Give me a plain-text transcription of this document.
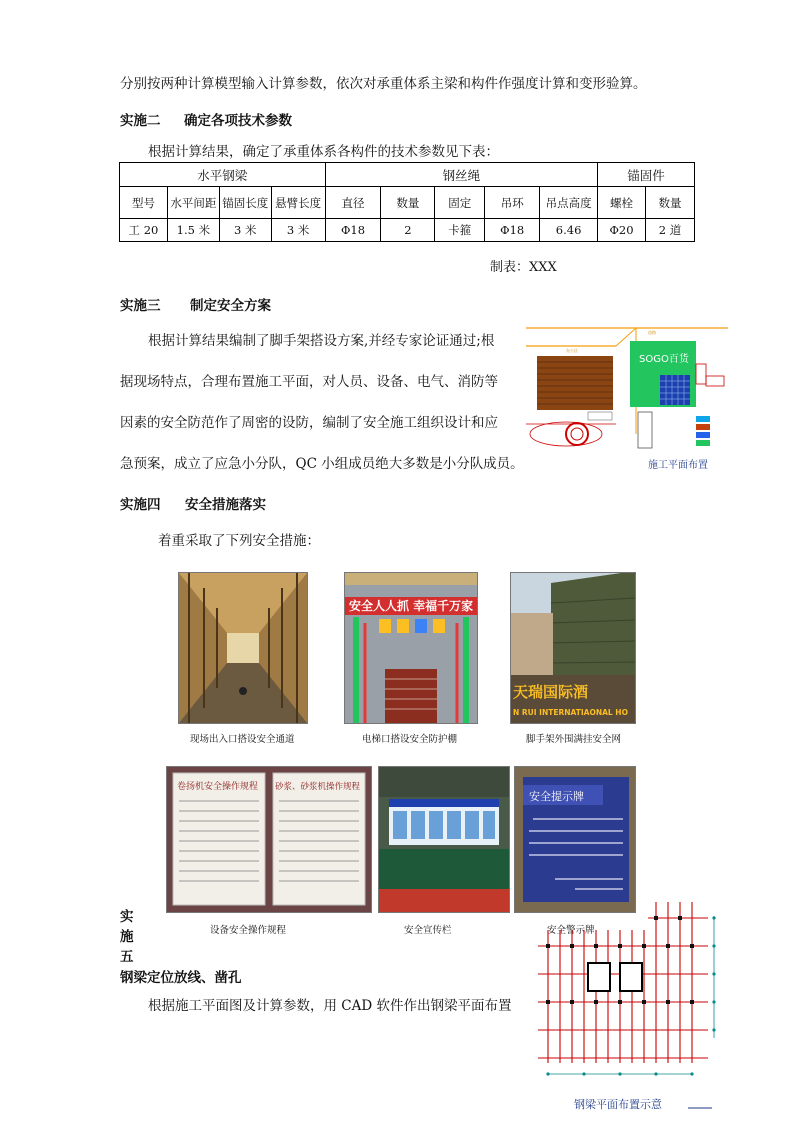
分别按两种计算模型输入计算参数，依次对承重体系主梁和构件作强度计算和变形验算。
实施二 确定各项技术参数
根据计算结果，确定了承重体系各构件的技术参数见下表：
水平钢梁				钢丝绳					锚固件	
型号	水平间距	锚固长度	悬臂长度	直径	数量	固定	吊环	吊点高度	螺栓	数量
工 20	1.5 米	3 米	3 米	Φ18	2	卡箍	Φ18	6.46	Φ20	2 道
制表：XXX
实施三 制定安全方案
根据计算结果编制了脚手架搭设方案,并经专家论证通过;根
据现场特点，合理布置施工平面，对人员、设备、电气、消防等
因素的安全防范作了周密的设防，编制了安全施工组织设计和应
急预案，成立了应急小分队，QC 小组成员绝大多数是小分队成员。
道路
办公区
SOGO百货
施工平面布置
实施四 安全措施落实
着重采取了下列安全措施：
现场出入口搭设安全通道
安全人人抓 幸福千万家
电梯口搭设安全防护棚
天瑞国际酒
N RUI INTERNATIAONAL HO
脚手架外围满挂安全网
卷扬机安全操作规程 砂浆、砂浆机操作规程
设备安全操作规程	安全宣传栏
安全提示牌
安全警示牌
实
施
五
钢梁定位放线、凿孔
根据施工平面图及计算参数，用 CAD 软件作出钢梁平面布置
钢梁平面布置示意
